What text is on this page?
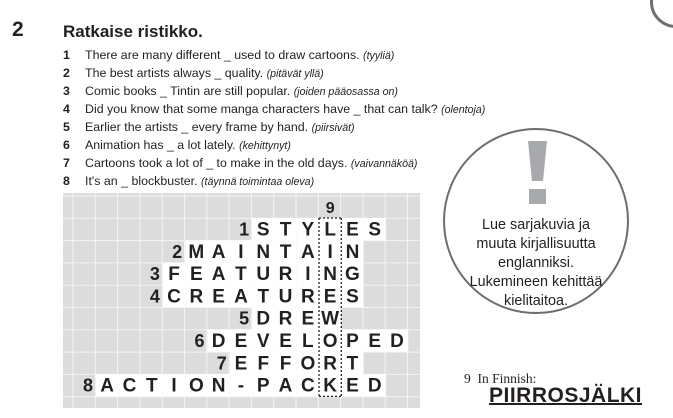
2 Ratkaise ristikko.
1 There are many different _ used to draw cartoons. (tyyliä)
2 The best artists always _ quality. (pitävät yllä)
3 Comic books _ Tintin are still popular. (joiden pääosassa on)
4 Did you know that some manga characters have _ that can talk? (olentoja)
5 Earlier the artists _ every frame by hand. (piirsivät)
6 Animation has _ a lot lately. (kehittynyt)
7 Cartoons took a lot of _ to make in the old days. (vaivannäköä)
8 It's an _ blockbuster. (täynnä toimintaa oleva)
9
S T Y L E S
1
M A I N T A I N
2
F E A T U R I N G
3
C R E A T U R E S
4
D R E W
5
D E V E L O P E D
6
E F F O R T
7
A C T I O N - P A C K E D
8
Lue sarjakuvia ja
muuta kirjallisuutta
englanniksi.
Lukemineen kehittää
kielitaitoa.
9 In Finnish:
PIIRROSJÄLKI
